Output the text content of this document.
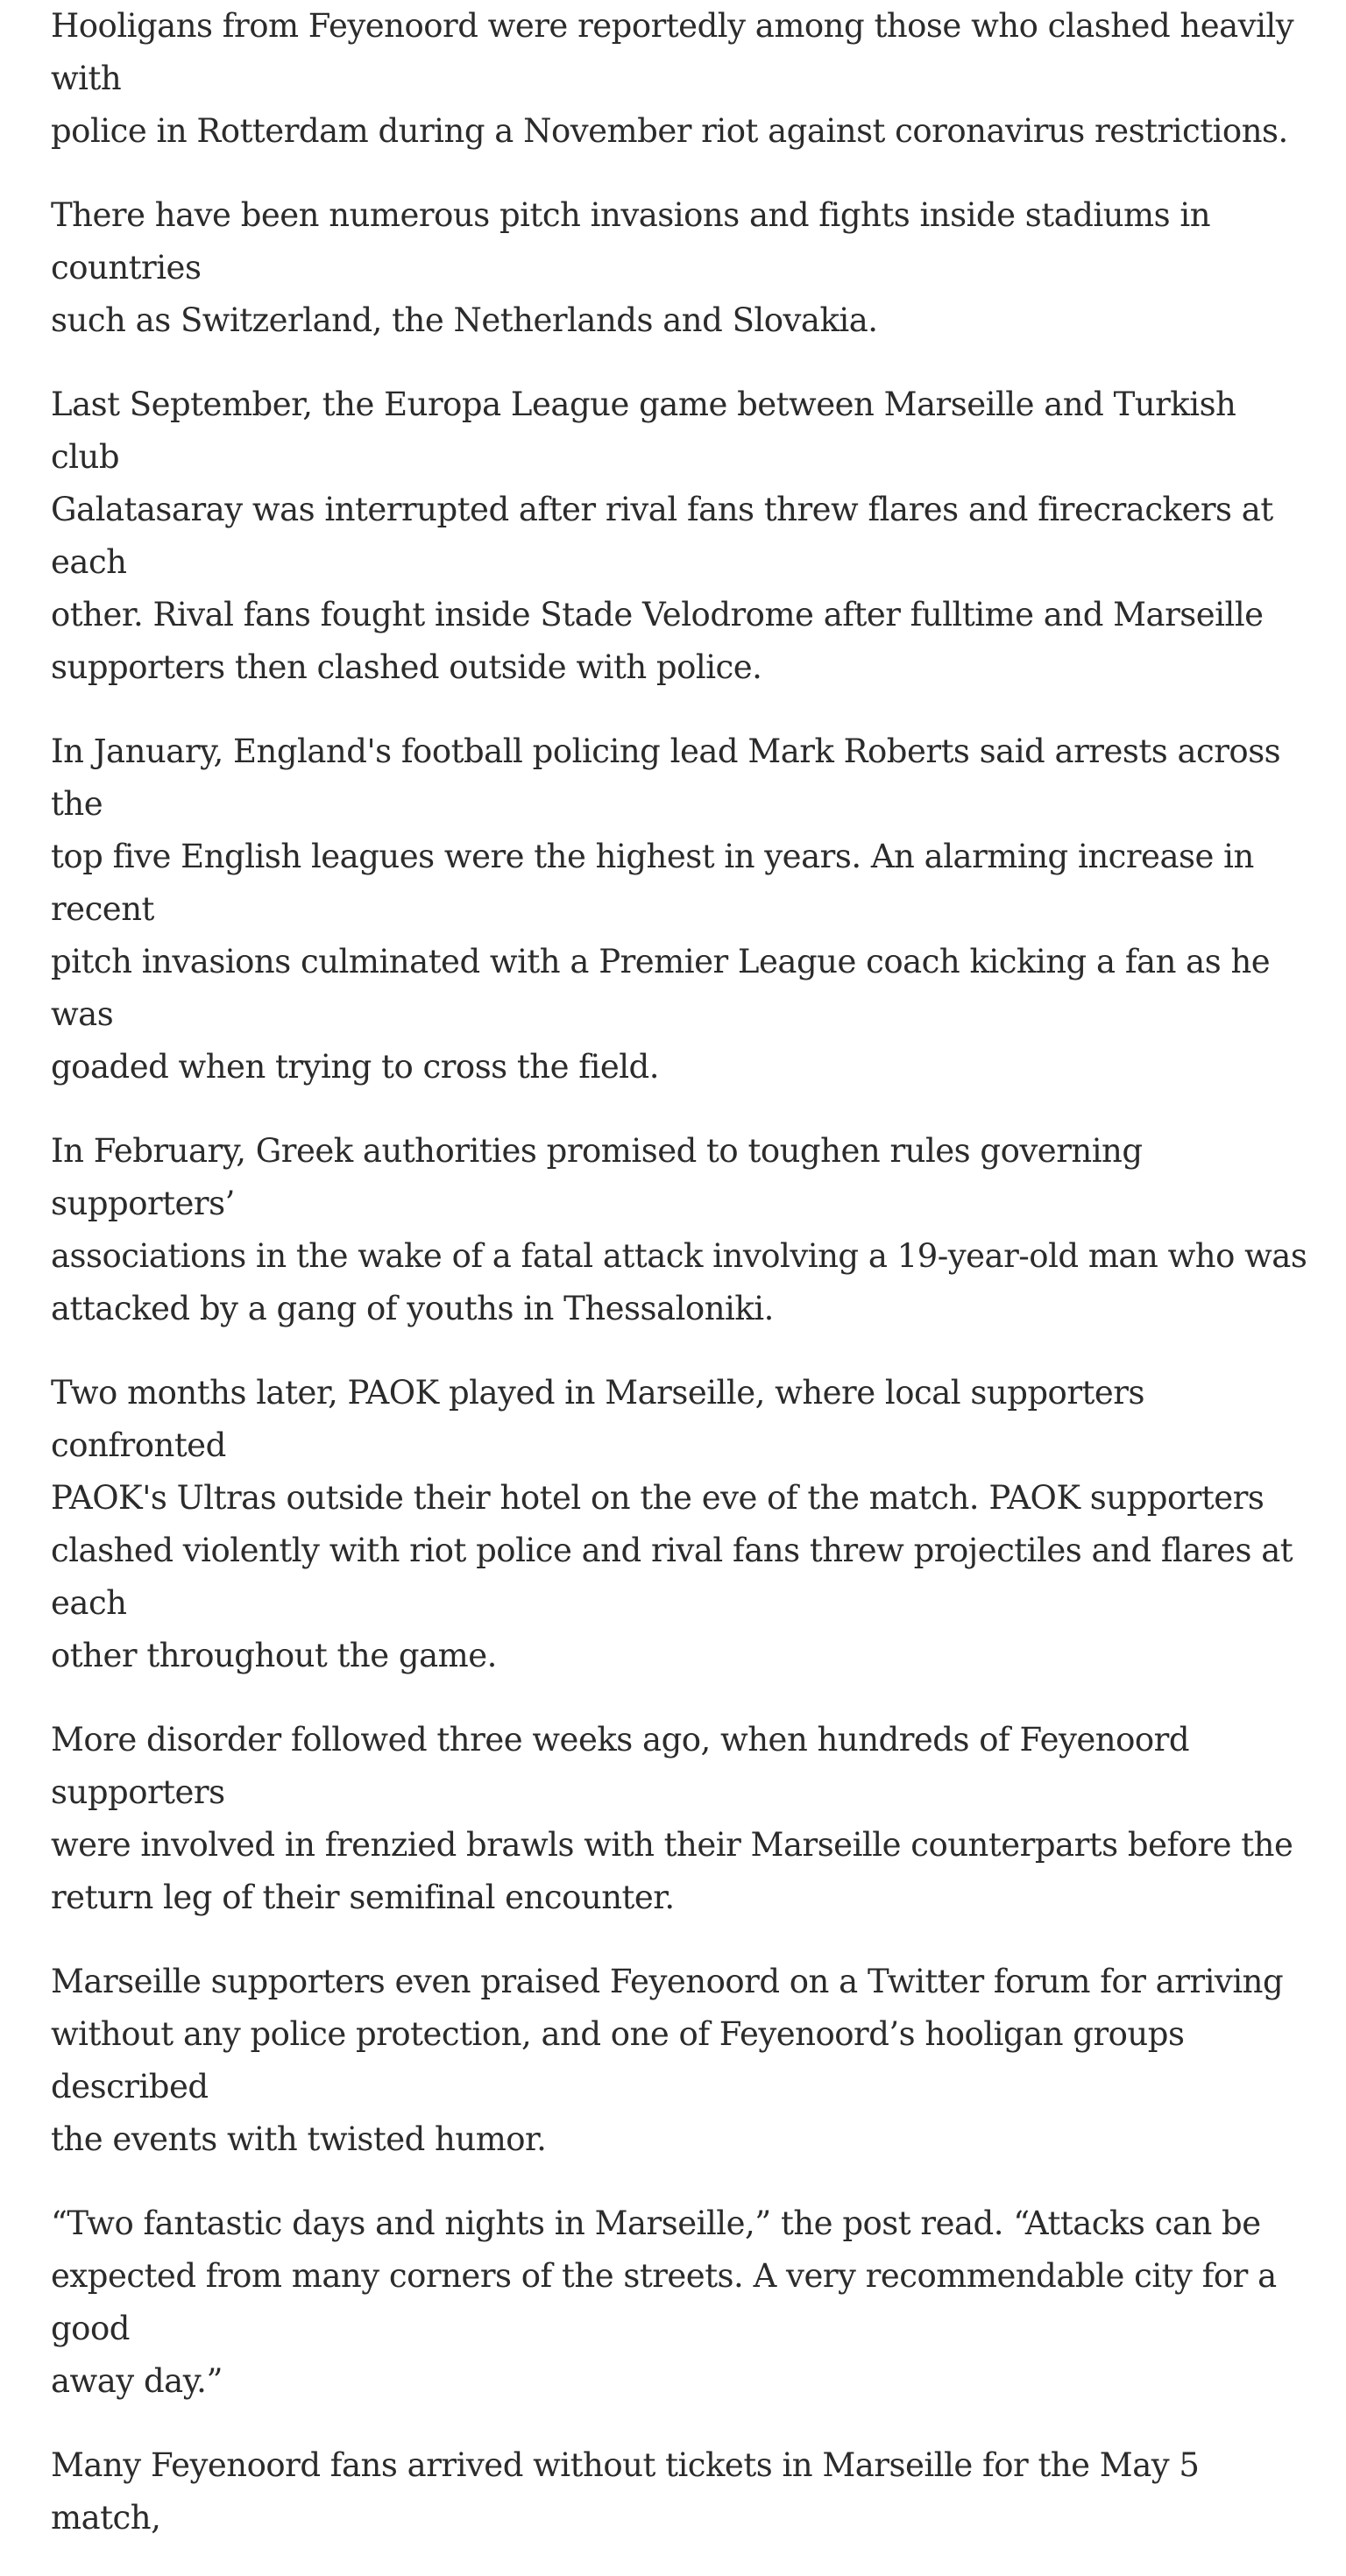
Hooligans from Feyenoord were reportedly among those who clashed heavily with
police in Rotterdam during a November riot against coronavirus restrictions.

There have been numerous pitch invasions and fights inside stadiums in countries
such as Switzerland, the Netherlands and Slovakia.

Last September, the Europa League game between Marseille and Turkish club
Galatasaray was interrupted after rival fans threw flares and firecrackers at each
other. Rival fans fought inside Stade Velodrome after fulltime and Marseille
supporters then clashed outside with police.

In January, England's football policing lead Mark Roberts said arrests across the
top five English leagues were the highest in years. An alarming increase in recent
pitch invasions culminated with a Premier League coach kicking a fan as he was
goaded when trying to cross the field.

In February, Greek authorities promised to toughen rules governing supporters’
associations in the wake of a fatal attack involving a 19-year-old man who was
attacked by a gang of youths in Thessaloniki.

Two months later, PAOK played in Marseille, where local supporters confronted
PAOK's Ultras outside their hotel on the eve of the match. PAOK supporters
clashed violently with riot police and rival fans threw projectiles and flares at each
other throughout the game.

More disorder followed three weeks ago, when hundreds of Feyenoord supporters
were involved in frenzied brawls with their Marseille counterparts before the
return leg of their semifinal encounter.

Marseille supporters even praised Feyenoord on a Twitter forum for arriving
without any police protection, and one of Feyenoord’s hooligan groups described
the events with twisted humor.

“Two fantastic days and nights in Marseille,” the post read. “Attacks can be
expected from many corners of the streets. A very recommendable city for a good
away day.”

Many Feyenoord fans arrived without tickets in Marseille for the May 5 match,
